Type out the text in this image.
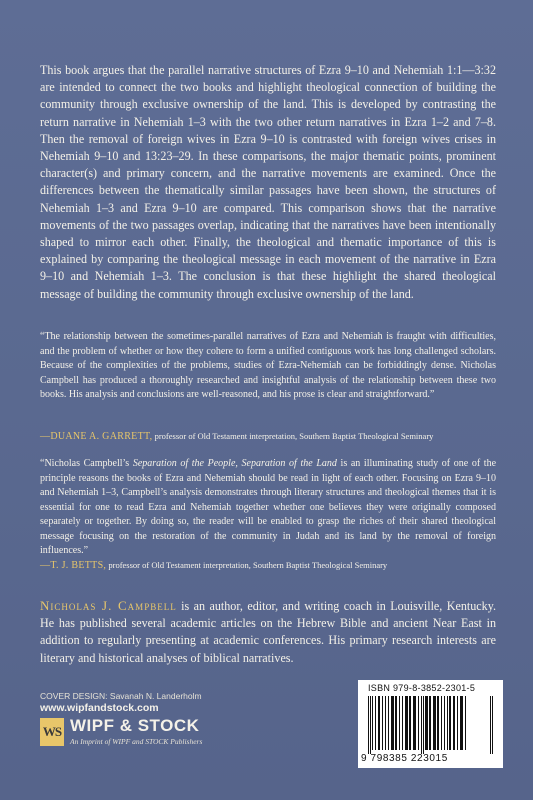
This book argues that the parallel narrative structures of Ezra 9–10 and Nehemiah 1:1—3:32 are intended to connect the two books and highlight theological connection of building the community through exclusive ownership of the land. This is developed by contrasting the return narrative in Nehemiah 1–3 with the two other return narratives in Ezra 1–2 and 7–8. Then the removal of foreign wives in Ezra 9–10 is contrasted with foreign wives crises in Nehemiah 9–10 and 13:23–29. In these comparisons, the major thematic points, prominent character(s) and primary concern, and the narrative movements are examined. Once the differences between the thematically similar passages have been shown, the structures of Nehemiah 1–3 and Ezra 9–10 are compared. This comparison shows that the narrative movements of the two passages overlap, indicating that the narratives have been intentionally shaped to mirror each other. Finally, the theological and thematic importance of this is explained by comparing the theological message in each movement of the narrative in Ezra 9–10 and Nehemiah 1–3. The conclusion is that these highlight the shared theological message of building the community through exclusive ownership of the land.

“The relationship between the sometimes-parallel narratives of Ezra and Nehemiah is fraught with difficulties, and the problem of whether or how they cohere to form a unified contiguous work has long challenged scholars. Because of the complexities of the problems, studies of Ezra-Nehemiah can be forbiddingly dense. Nicholas Campbell has produced a thoroughly researched and insightful analysis of the relationship between these two books. His analysis and conclusions are well-reasoned, and his prose is clear and straightforward.”

—DUANE A. GARRETT, professor of Old Testament interpretation, Southern Baptist Theological Seminary

“Nicholas Campbell’s Separation of the People, Separation of the Land is an illuminating study of one of the principle reasons the books of Ezra and Nehemiah should be read in light of each other. Focusing on Ezra 9–10 and Nehemiah 1–3, Campbell’s analysis demonstrates through literary structures and theological themes that it is essential for one to read Ezra and Nehemiah together whether one believes they were originally composed separately or together. By doing so, the reader will be enabled to grasp the riches of their shared theological message focusing on the restoration of the community in Judah and its land by the removal of foreign influences.”

—T. J. BETTS, professor of Old Testament interpretation, Southern Baptist Theological Seminary

Nicholas J. Campbell is an author, editor, and writing coach in Louisville, Kentucky. He has published several academic articles on the Hebrew Bible and ancient Near East in addition to regularly presenting at academic conferences. His primary research interests are literary and historical analyses of biblical narratives.

COVER DESIGN: Savanah N. Landerholm
www.wipfandstock.com
WS WIPF & STOCK
An Imprint of WIPF and STOCK Publishers
ISBN 979-8-3852-2301-5
9 798385 223015
